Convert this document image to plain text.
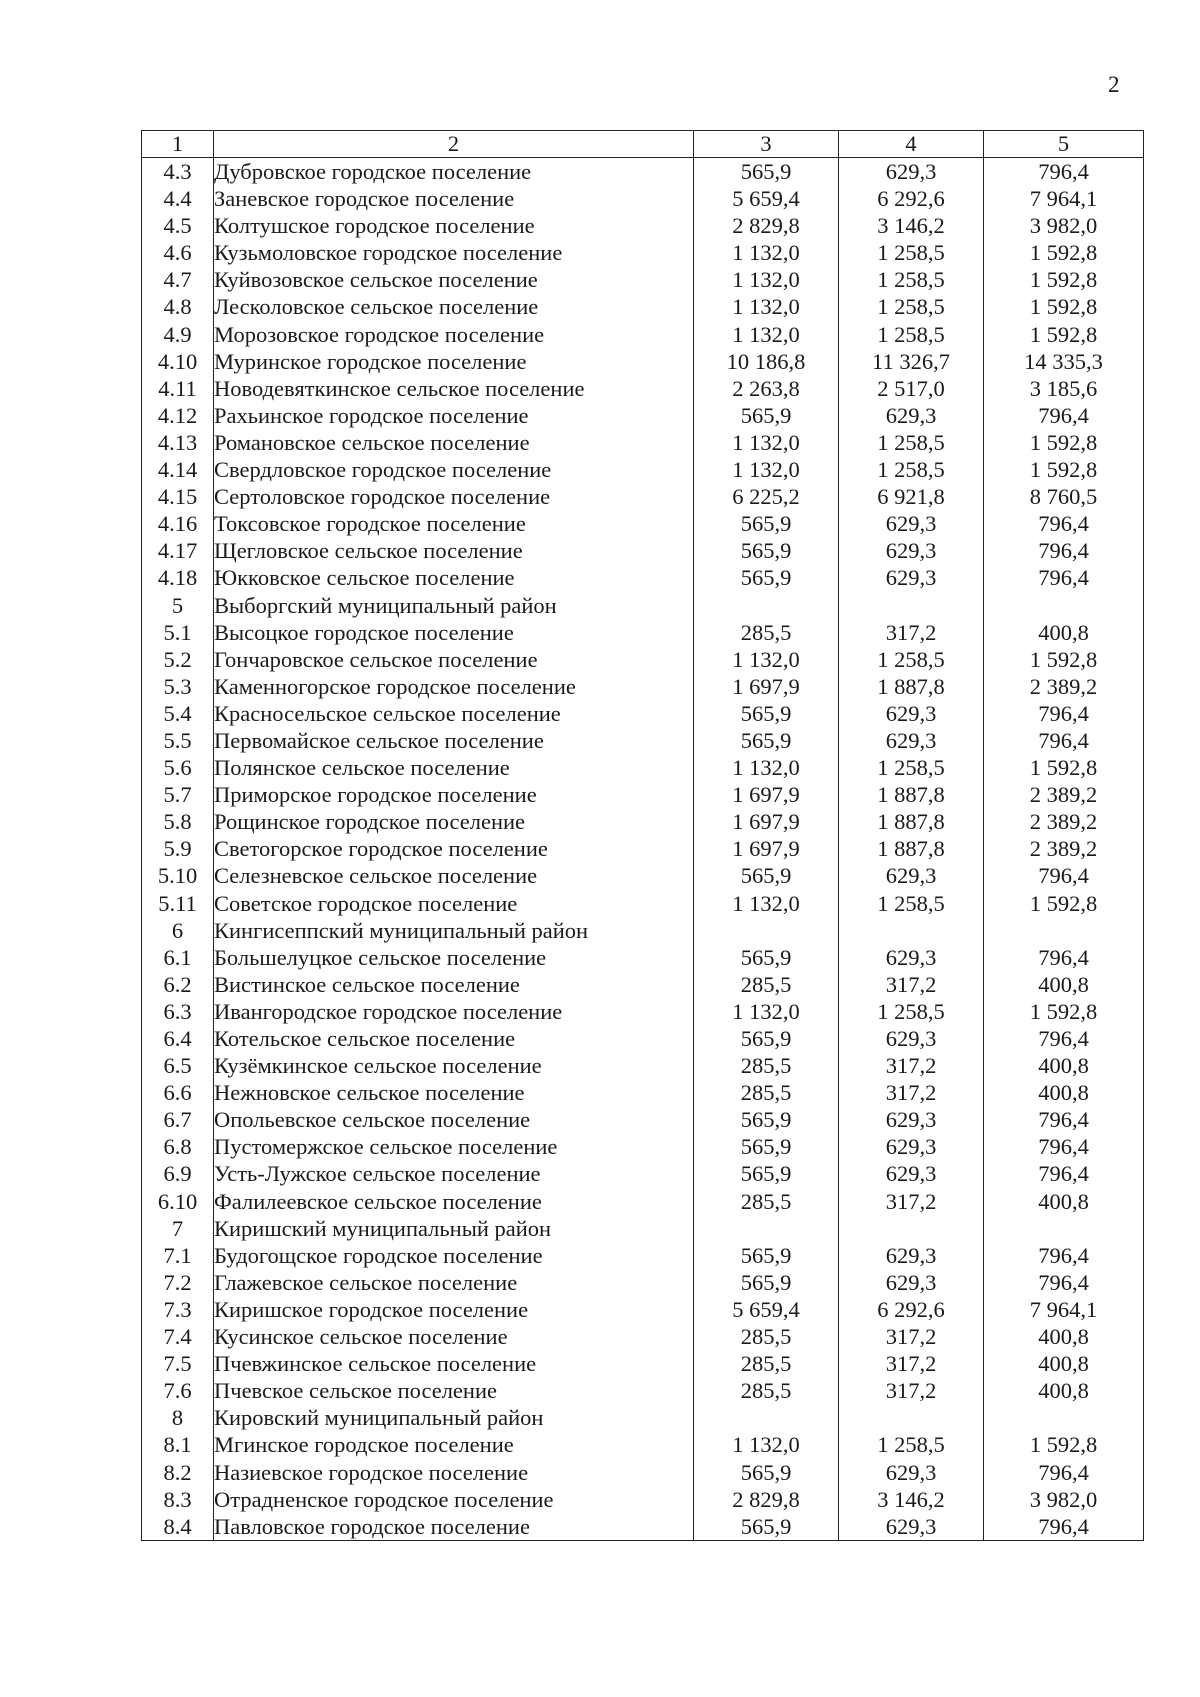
2
1	2	3	4	5
4.3	Дубровское городское поселение	565,9	629,3	796,4
4.4	Заневское городское поселение	5 659,4	6 292,6	7 964,1
4.5	Колтушское городское поселение	2 829,8	3 146,2	3 982,0
4.6	Кузьмоловское городское поселение	1 132,0	1 258,5	1 592,8
4.7	Куйвозовское сельское поселение	1 132,0	1 258,5	1 592,8
4.8	Лесколовское сельское поселение	1 132,0	1 258,5	1 592,8
4.9	Морозовское городское поселение	1 132,0	1 258,5	1 592,8
4.10	Муринское городское поселение	10 186,8	11 326,7	14 335,3
4.11	Новодевяткинское сельское поселение	2 263,8	2 517,0	3 185,6
4.12	Рахьинское городское поселение	565,9	629,3	796,4
4.13	Романовское сельское поселение	1 132,0	1 258,5	1 592,8
4.14	Свердловское городское поселение	1 132,0	1 258,5	1 592,8
4.15	Сертоловское городское поселение	6 225,2	6 921,8	8 760,5
4.16	Токсовское городское поселение	565,9	629,3	796,4
4.17	Щегловское сельское поселение	565,9	629,3	796,4
4.18	Юкковское сельское поселение	565,9	629,3	796,4
5	Выборгский муниципальный район			
5.1	Высоцкое городское поселение	285,5	317,2	400,8
5.2	Гончаровское сельское поселение	1 132,0	1 258,5	1 592,8
5.3	Каменногорское городское поселение	1 697,9	1 887,8	2 389,2
5.4	Красносельское сельское поселение	565,9	629,3	796,4
5.5	Первомайское сельское поселение	565,9	629,3	796,4
5.6	Полянское сельское поселение	1 132,0	1 258,5	1 592,8
5.7	Приморское городское поселение	1 697,9	1 887,8	2 389,2
5.8	Рощинское городское поселение	1 697,9	1 887,8	2 389,2
5.9	Светогорское городское поселение	1 697,9	1 887,8	2 389,2
5.10	Селезневское сельское поселение	565,9	629,3	796,4
5.11	Советское городское поселение	1 132,0	1 258,5	1 592,8
6	Кингисеппский муниципальный район			
6.1	Большелуцкое сельское поселение	565,9	629,3	796,4
6.2	Вистинское сельское поселение	285,5	317,2	400,8
6.3	Ивангородское городское поселение	1 132,0	1 258,5	1 592,8
6.4	Котельское сельское поселение	565,9	629,3	796,4
6.5	Кузёмкинское сельское поселение	285,5	317,2	400,8
6.6	Нежновское сельское поселение	285,5	317,2	400,8
6.7	Опольевское сельское поселение	565,9	629,3	796,4
6.8	Пустомержское сельское поселение	565,9	629,3	796,4
6.9	Усть-Лужское сельское поселение	565,9	629,3	796,4
6.10	Фалилеевское сельское поселение	285,5	317,2	400,8
7	Киришский муниципальный район			
7.1	Будогощское городское поселение	565,9	629,3	796,4
7.2	Глажевское сельское поселение	565,9	629,3	796,4
7.3	Киришское городское поселение	5 659,4	6 292,6	7 964,1
7.4	Кусинское сельское поселение	285,5	317,2	400,8
7.5	Пчевжинское сельское поселение	285,5	317,2	400,8
7.6	Пчевское сельское поселение	285,5	317,2	400,8
8	Кировский муниципальный район			
8.1	Мгинское городское поселение	1 132,0	1 258,5	1 592,8
8.2	Назиевское городское поселение	565,9	629,3	796,4
8.3	Отрадненское городское поселение	2 829,8	3 146,2	3 982,0
8.4	Павловское городское поселение	565,9	629,3	796,4
